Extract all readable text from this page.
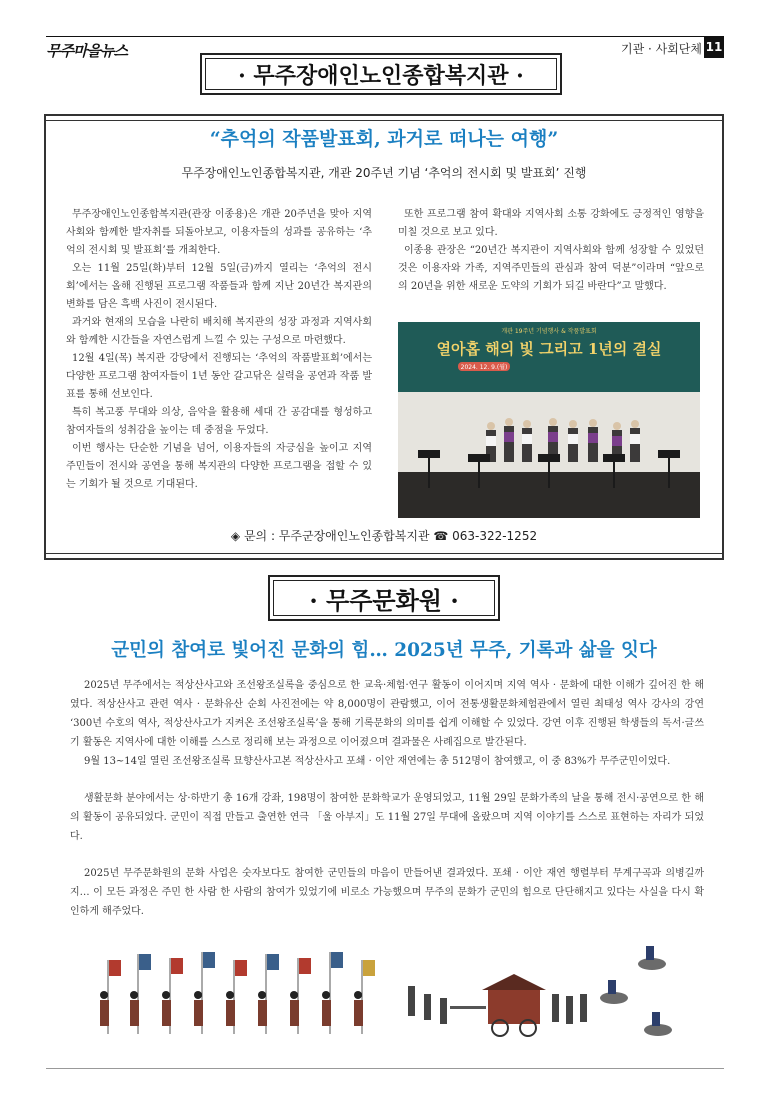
무주마을뉴스	기관 · 사회단체 11
· 무주장애인노인종합복지관 ·
“추억의 작품발표회, 과거로 떠나는 여행”
무주장애인노인종합복지관, 개관 20주년 기념 ‘추억의 전시회 및 발표회’ 진행

무주장애인노인종합복지관(관장 이종용)은 개관 20주년을 맞아 지역사회와 함께한 발자취를 되돌아보고, 이용자들의 성과를 공유하는 ‘추억의 전시회 및 발표회’를 개최한다.

오는 11월 25일(화)부터 12월 5일(금)까지 열리는 ‘추억의 전시회’에서는 올해 진행된 프로그램 작품들과 함께 지난 20년간 복지관의 변화를 담은 흑백 사진이 전시된다.

과거와 현재의 모습을 나란히 배치해 복지관의 성장 과정과 지역사회와 함께한 시간들을 자연스럽게 느낄 수 있는 구성으로 마련했다.

12월 4일(목) 복지관 강당에서 진행되는 ‘추억의 작품발표회’에서는 다양한 프로그램 참여자들이 1년 동안 갈고닦은 실력을 공연과 작품 발표를 통해 선보인다.

특히 복고풍 무대와 의상, 음악을 활용해 세대 간 공감대를 형성하고 참여자들의 성취감을 높이는 데 중점을 두었다.

이번 행사는 단순한 기념을 넘어, 이용자들의 자긍심을 높이고 지역 주민들이 전시와 공연을 통해 복지관의 다양한 프로그램을 접할 수 있는 기회가 될 것으로 기대된다.

또한 프로그램 참여 확대와 지역사회 소통 강화에도 긍정적인 영향을 미칠 것으로 보고 있다.

이종용 관장은 “20년간 복지관이 지역사회와 함께 성장할 수 있었던 것은 이용자와 가족, 지역주민들의 관심과 참여 덕분”이라며 “앞으로의 20년을 위한 새로운 도약의 기회가 되길 바란다”고 말했다.

개관 19주년 기념행사 & 작품발표회
열아홉 해의 빛 그리고 1년의 결실
2024. 12. 9.(월)
◈ 문의 : 무주군장애인노인종합복지관 ☎ 063-322-1252
· 무주문화원 ·
군민의 참여로 빛어진 문화의 힘… 2025년 무주, 기록과 삶을 잇다

2025년 무주에서는 적상산사고와 조선왕조실록을 중심으로 한 교육·체험·연구 활동이 이어지며 지역 역사 · 문화에 대한 이해가 깊어진 한 해였다. 적상산사고 관련 역사 · 문화유산 순회 사진전에는 약 8,000명이 관람했고, 이어 전통생활문화체험관에서 열린 최태성 역사 강사의 강연 ‘300년 수호의 역사, 적상산사고가 지켜온 조선왕조실록’을 통해 기록문화의 의미를 쉽게 이해할 수 있었다. 강연 이후 진행된 학생들의 독서·글쓰기 활동은 지역사에 대한 이해를 스스로 정리해 보는 과정으로 이어졌으며 결과물은 사례집으로 발간된다.

9월 13~14일 열린 조선왕조실록 묘향산사고본 적상산사고 포쇄 · 이안 재연에는 총 512명이 참여했고, 이 중 83%가 무주군민이었다.

생활문화 분야에서는 상·하반기 총 16개 강좌, 198명이 참여한 문화학교가 운영되었고, 11월 29일 문화가족의 날을 통해 전시·공연으로 한 해의 활동이 공유되었다. 군민이 직접 만들고 출연한 연극 「울 아부지」도 11월 27일 무대에 올랐으며 지역 이야기를 스스로 표현하는 자리가 되었다.

2025년 무주문화원의 문화 사업은 숫자보다도 참여한 군민들의 마음이 만들어낸 결과였다. 포쇄 · 이안 재연 행렬부터 무계구곡과 의병길까지… 이 모든 과정은 주민 한 사람 한 사람의 참여가 있었기에 비로소 가능했으며 무주의 문화가 군민의 힘으로 단단해지고 있다는 사실을 다시 확인하게 해주었다.
